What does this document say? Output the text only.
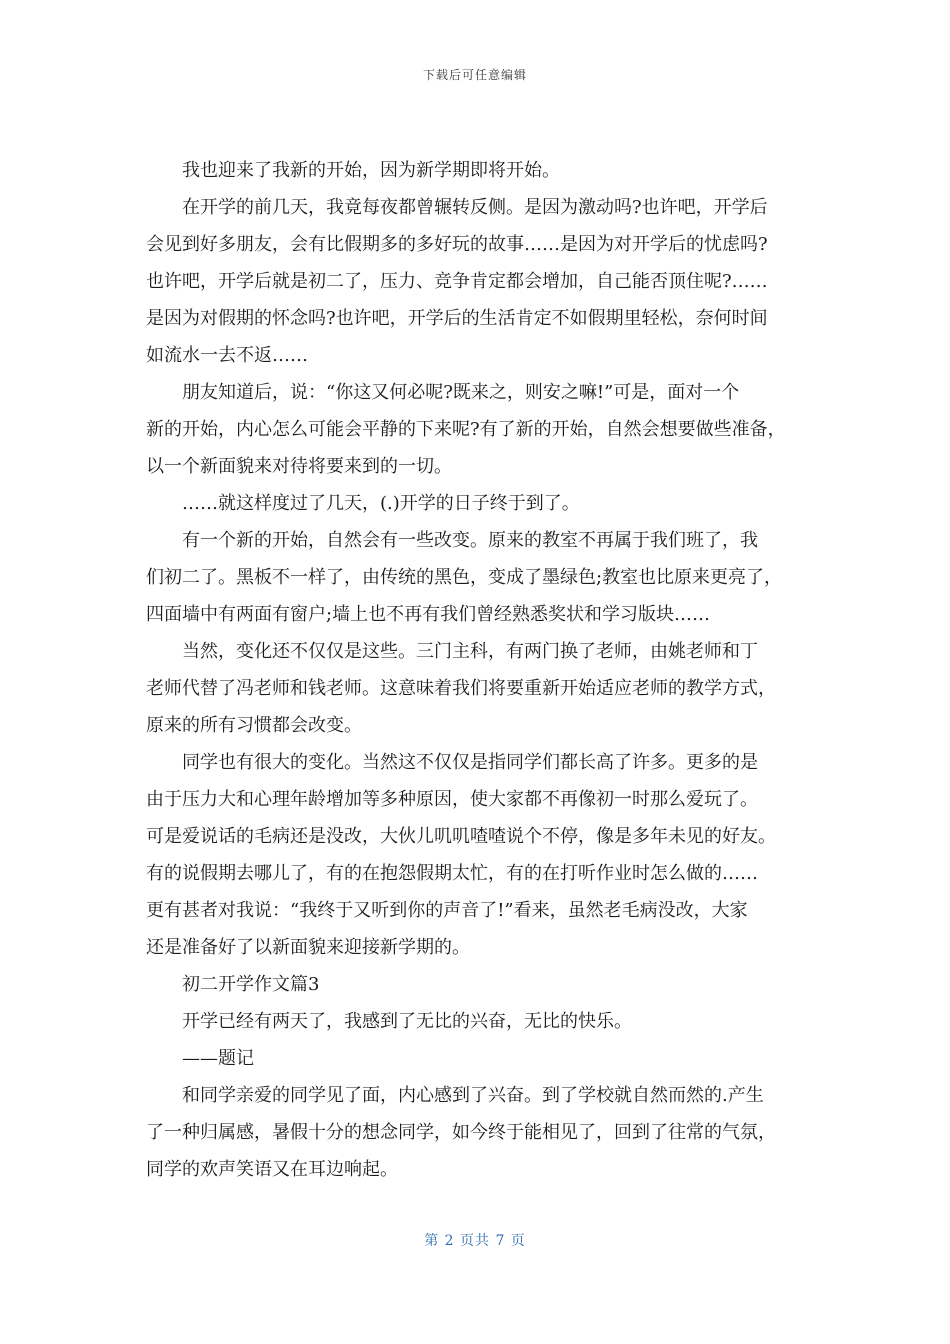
下载后可任意编辑
　　我也迎来了我新的开始，因为新学期即将开始。
　　在开学的前几天，我竟每夜都曾辗转反侧。是因为激动吗?也许吧，开学后
会见到好多朋友，会有比假期多的多好玩的故事……是因为对开学后的忧虑吗?
也许吧，开学后就是初二了，压力、竞争肯定都会增加，自己能否顶住呢?……
是因为对假期的怀念吗?也许吧，开学后的生活肯定不如假期里轻松，奈何时间
如流水一去不返……
　　朋友知道后，说：“你这又何必呢?既来之，则安之嘛!”可是，面对一个
新的开始，内心怎么可能会平静的下来呢?有了新的开始，自然会想要做些准备，
以一个新面貌来对待将要来到的一切。
　　……就这样度过了几天，(.)开学的日子终于到了。
　　有一个新的开始，自然会有一些改变。原来的教室不再属于我们班了，我
们初二了。黑板不一样了，由传统的黑色，变成了墨绿色;教室也比原来更亮了，
四面墙中有两面有窗户;墙上也不再有我们曾经熟悉奖状和学习版块……
　　当然，变化还不仅仅是这些。三门主科，有两门换了老师，由姚老师和丁
老师代替了冯老师和钱老师。这意味着我们将要重新开始适应老师的教学方式，
原来的所有习惯都会改变。
　　同学也有很大的变化。当然这不仅仅是指同学们都长高了许多。更多的是
由于压力大和心理年龄增加等多种原因，使大家都不再像初一时那么爱玩了。
可是爱说话的毛病还是没改，大伙儿叽叽喳喳说个不停，像是多年未见的好友。
有的说假期去哪儿了，有的在抱怨假期太忙，有的在打听作业时怎么做的……
更有甚者对我说：“我终于又听到你的声音了!”看来，虽然老毛病没改，大家
还是准备好了以新面貌来迎接新学期的。
　　初二开学作文篇3
　　开学已经有两天了，我感到了无比的兴奋，无比的快乐。
　　——题记
　　和同学亲爱的同学见了面，内心感到了兴奋。到了学校就自然而然的.产生
了一种归属感，暑假十分的想念同学，如今终于能相见了，回到了往常的气氛，
同学的欢声笑语又在耳边响起。
第 2 页共 7 页
